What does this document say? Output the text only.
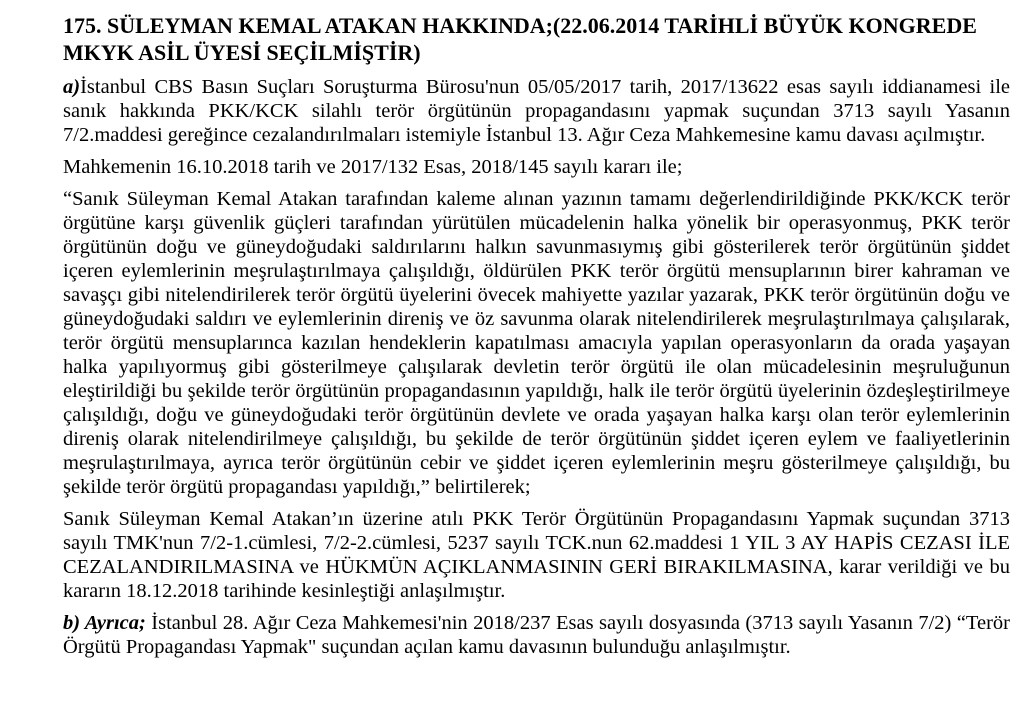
175. SÜLEYMAN KEMAL ATAKAN HAKKINDA;(22.06.2014 TARİHLİ BÜYÜK KONGREDE MKYK ASİL ÜYESİ SEÇİLMİŞTİR)

a)İstanbul CBS Basın Suçları Soruşturma Bürosu'nun 05/05/2017 tarih, 2017/13622 esas sayılı iddianamesi ile sanık hakkında PKK/KCK silahlı terör örgütünün propagandasını yapmak suçundan 3713 sayılı Yasanın 7/2.maddesi gereğince cezalandırılmaları istemiyle İstanbul 13. Ağır Ceza Mahkemesine kamu davası açılmıştır.

Mahkemenin 16.10.2018 tarih ve 2017/132 Esas, 2018/145 sayılı kararı ile;

“Sanık Süleyman Kemal Atakan tarafından kaleme alınan yazının tamamı değerlendirildiğinde PKK/KCK terör örgütüne karşı güvenlik güçleri tarafından yürütülen mücadelenin halka yönelik bir operasyonmuş, PKK terör örgütünün doğu ve güneydoğudaki saldırılarını halkın savunmasıymış gibi gösterilerek terör örgütünün şiddet içeren eylemlerinin meşrulaştırılmaya çalışıldığı, öldürülen PKK terör örgütü mensuplarının birer kahraman ve savaşçı gibi nitelendirilerek terör örgütü üyelerini övecek mahiyette yazılar yazarak, PKK terör örgütünün doğu ve güneydoğudaki saldırı ve eylemlerinin direniş ve öz savunma olarak nitelendirilerek meşrulaştırılmaya çalışılarak, terör örgütü mensuplarınca kazılan hendeklerin kapatılması amacıyla yapılan operasyonların da orada yaşayan halka yapılıyormuş gibi gösterilmeye çalışılarak devletin terör örgütü ile olan mücadelesinin meşruluğunun eleştirildiği bu şekilde terör örgütünün propagandasının yapıldığı, halk ile terör örgütü üyelerinin özdeşleştirilmeye çalışıldığı, doğu ve güneydoğudaki terör örgütünün devlete ve orada yaşayan halka karşı olan terör eylemlerinin direniş olarak nitelendirilmeye çalışıldığı, bu şekilde de terör örgütünün şiddet içeren eylem ve faaliyetlerinin meşrulaştırılmaya, ayrıca terör örgütünün cebir ve şiddet içeren eylemlerinin meşru gösterilmeye çalışıldığı, bu şekilde terör örgütü propagandası yapıldığı,” belirtilerek;

Sanık Süleyman Kemal Atakan’ın üzerine atılı PKK Terör Örgütünün Propagandasını Yapmak suçundan 3713 sayılı TMK'nun 7/2-1.cümlesi, 7/2-2.cümlesi, 5237 sayılı TCK.nun 62.maddesi 1 YIL 3 AY HAPİS CEZASI İLE CEZALANDIRILMASINA ve HÜKMÜN AÇIKLANMASININ GERİ BIRAKILMASINA, karar verildiği ve bu kararın 18.12.2018 tarihinde kesinleştiği anlaşılmıştır.

b) Ayrıca; İstanbul 28. Ağır Ceza Mahkemesi'nin 2018/237 Esas sayılı dosyasında (3713 sayılı Yasanın 7/2) “Terör Örgütü Propagandası Yapmak" suçundan açılan kamu davasının bulunduğu anlaşılmıştır.
